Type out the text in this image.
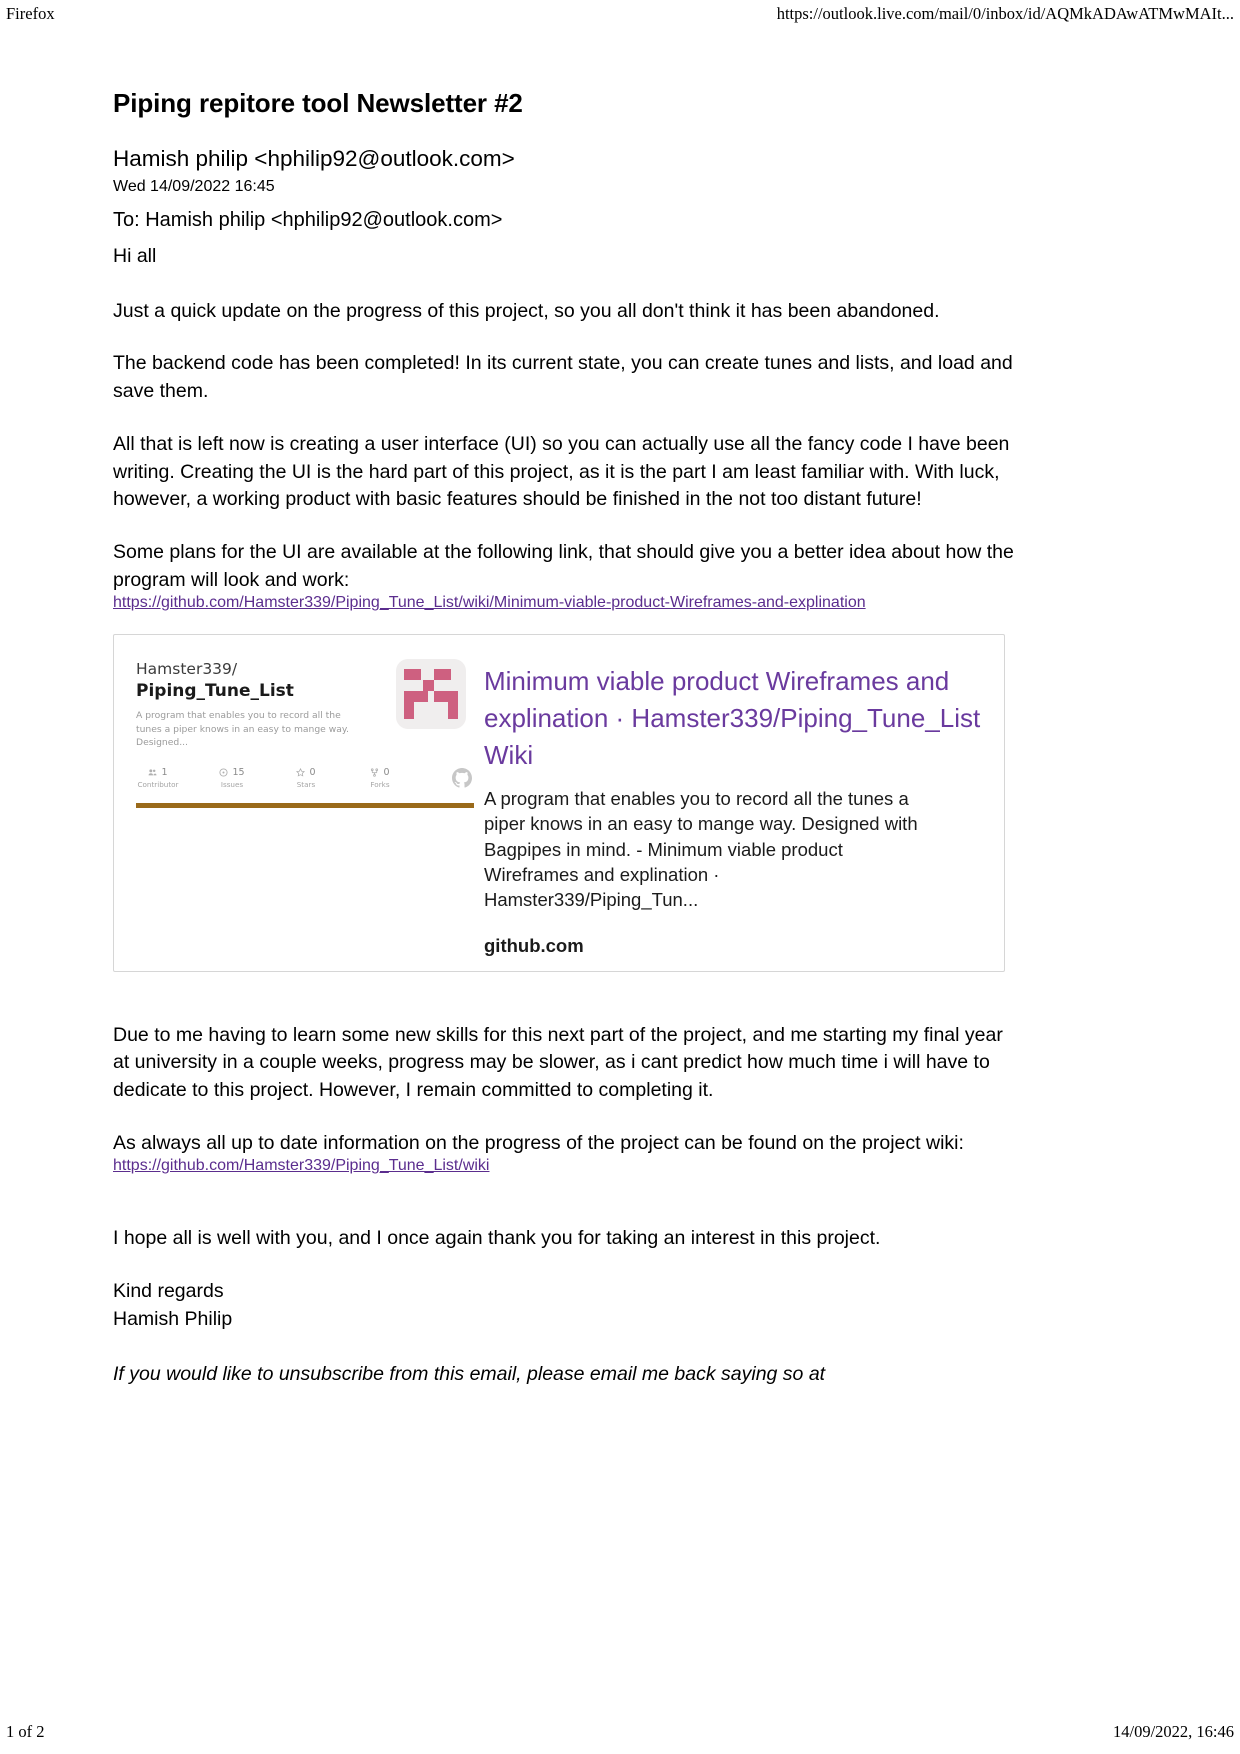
Firefox	https://outlook.live.com/mail/0/inbox/id/AQMkADAwATMwMAIt...
Piping repitore tool Newsletter #2
Hamish philip <hphilip92@outlook.com>
Wed 14/09/2022 16:45
To: Hamish philip <hphilip92@outlook.com>
Hi all

Just a quick update on the progress of this project, so you all don't think it has been abandoned.

The backend code has been completed! In its current state, you can create tunes and lists, and load and save them.

All that is left now is creating a user interface (UI) so you can actually use all the fancy code I have been writing. Creating the UI is the hard part of this project, as it is the part I am least familiar with. With luck, however, a working product with basic features should be finished in the not too distant future!

Some plans for the UI are available at the following link, that should give you a better idea about how the program will look and work:

https://github.com/Hamster339/Piping_Tune_List/wiki/Minimum-viable-product-Wireframes-and-explination
Hamster339/
Piping_Tune_List
A program that enables you to record all the tunes a piper knows in an easy to mange way. Designed...
1
Contributor
15
Issues
0
Stars
0
Forks
Minimum viable product Wireframes and explination · Hamster339/Piping_Tune_List Wiki
A program that enables you to record all the tunes a piper knows in an easy to mange way. Designed with Bagpipes in mind. - Minimum viable product Wireframes and explination · Hamster339/Piping_Tun...
github.com

Due to me having to learn some new skills for this next part of the project, and me starting my final year at university in a couple weeks, progress may be slower, as i cant predict how much time i will have to dedicate to this project. However, I remain committed to completing it.

As always all up to date information on the progress of the project can be found on the project wiki:

https://github.com/Hamster339/Piping_Tune_List/wiki

I hope all is well with you, and I once again thank you for taking an interest in this project.

Kind regards
Hamish Philip
If you would like to unsubscribe from this email, please email me back saying so at
1 of 2	14/09/2022, 16:46
